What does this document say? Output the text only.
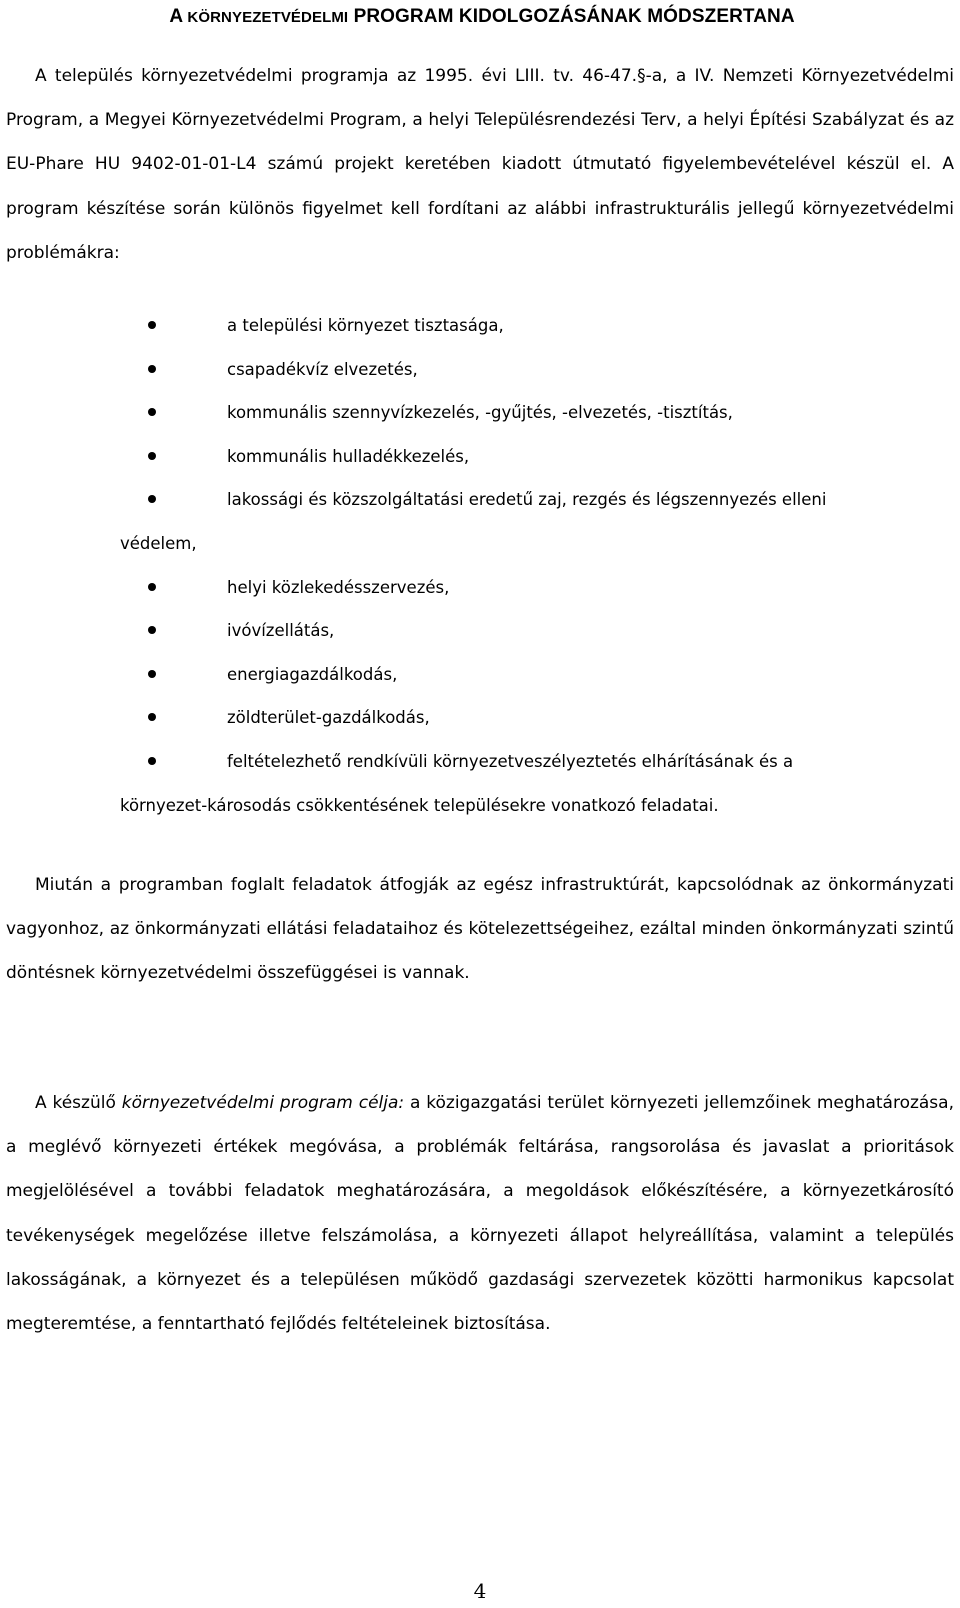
A KÖRNYEZETVÉDELMI PROGRAM KIDOLGOZÁSÁNAK MÓDSZERTANA

A település környezetvédelmi programja az 1995. évi LIII. tv. 46-47.§-a, a IV. Nemzeti Környezetvédelmi Program, a Megyei Környezetvédelmi Program, a helyi Településrendezési Terv, a helyi Építési Szabályzat és az EU-Phare HU 9402-01-01-L4 számú projekt keretében kiadott útmutató figyelembevételével készül el. A program készítése során különös figyelmet kell fordítani az alábbi infrastrukturális jellegű környezetvédelmi problémákra:

a települési környezet tisztasága,
csapadékvíz elvezetés,
kommunális szennyvízkezelés, -gyűjtés, -elvezetés, -tisztítás,
kommunális hulladékkezelés,
lakossági és közszolgáltatási eredetű zaj, rezgés és légszennyezés elleni
védelem,
helyi közlekedésszervezés,
ivóvízellátás,
energiagazdálkodás,
zöldterület-gazdálkodás,
feltételezhető rendkívüli környezetveszélyeztetés elhárításának és a
környezet-károsodás csökkentésének településekre vonatkozó feladatai.

Miután a programban foglalt feladatok átfogják az egész infrastruktúrát, kapcsolódnak az önkormányzati vagyonhoz, az önkormányzati ellátási feladataihoz és kötelezettségeihez, ezáltal minden önkormányzati szintű döntésnek környezetvédelmi összefüggései is vannak.

A készülő környezetvédelmi program célja: a közigazgatási terület környezeti jellemzőinek meghatározása, a meglévő környezeti értékek megóvása, a problémák feltárása, rangsorolása és javaslat a prioritások megjelölésével a további feladatok meghatározására, a megoldások előkészítésére, a környezetkárosító tevékenységek megelőzése illetve felszámolása, a környezeti állapot helyreállítása, valamint a település lakosságának, a környezet és a településen működő gazdasági szervezetek közötti harmonikus kapcsolat megteremtése, a fenntartható fejlődés feltételeinek biztosítása.

4
